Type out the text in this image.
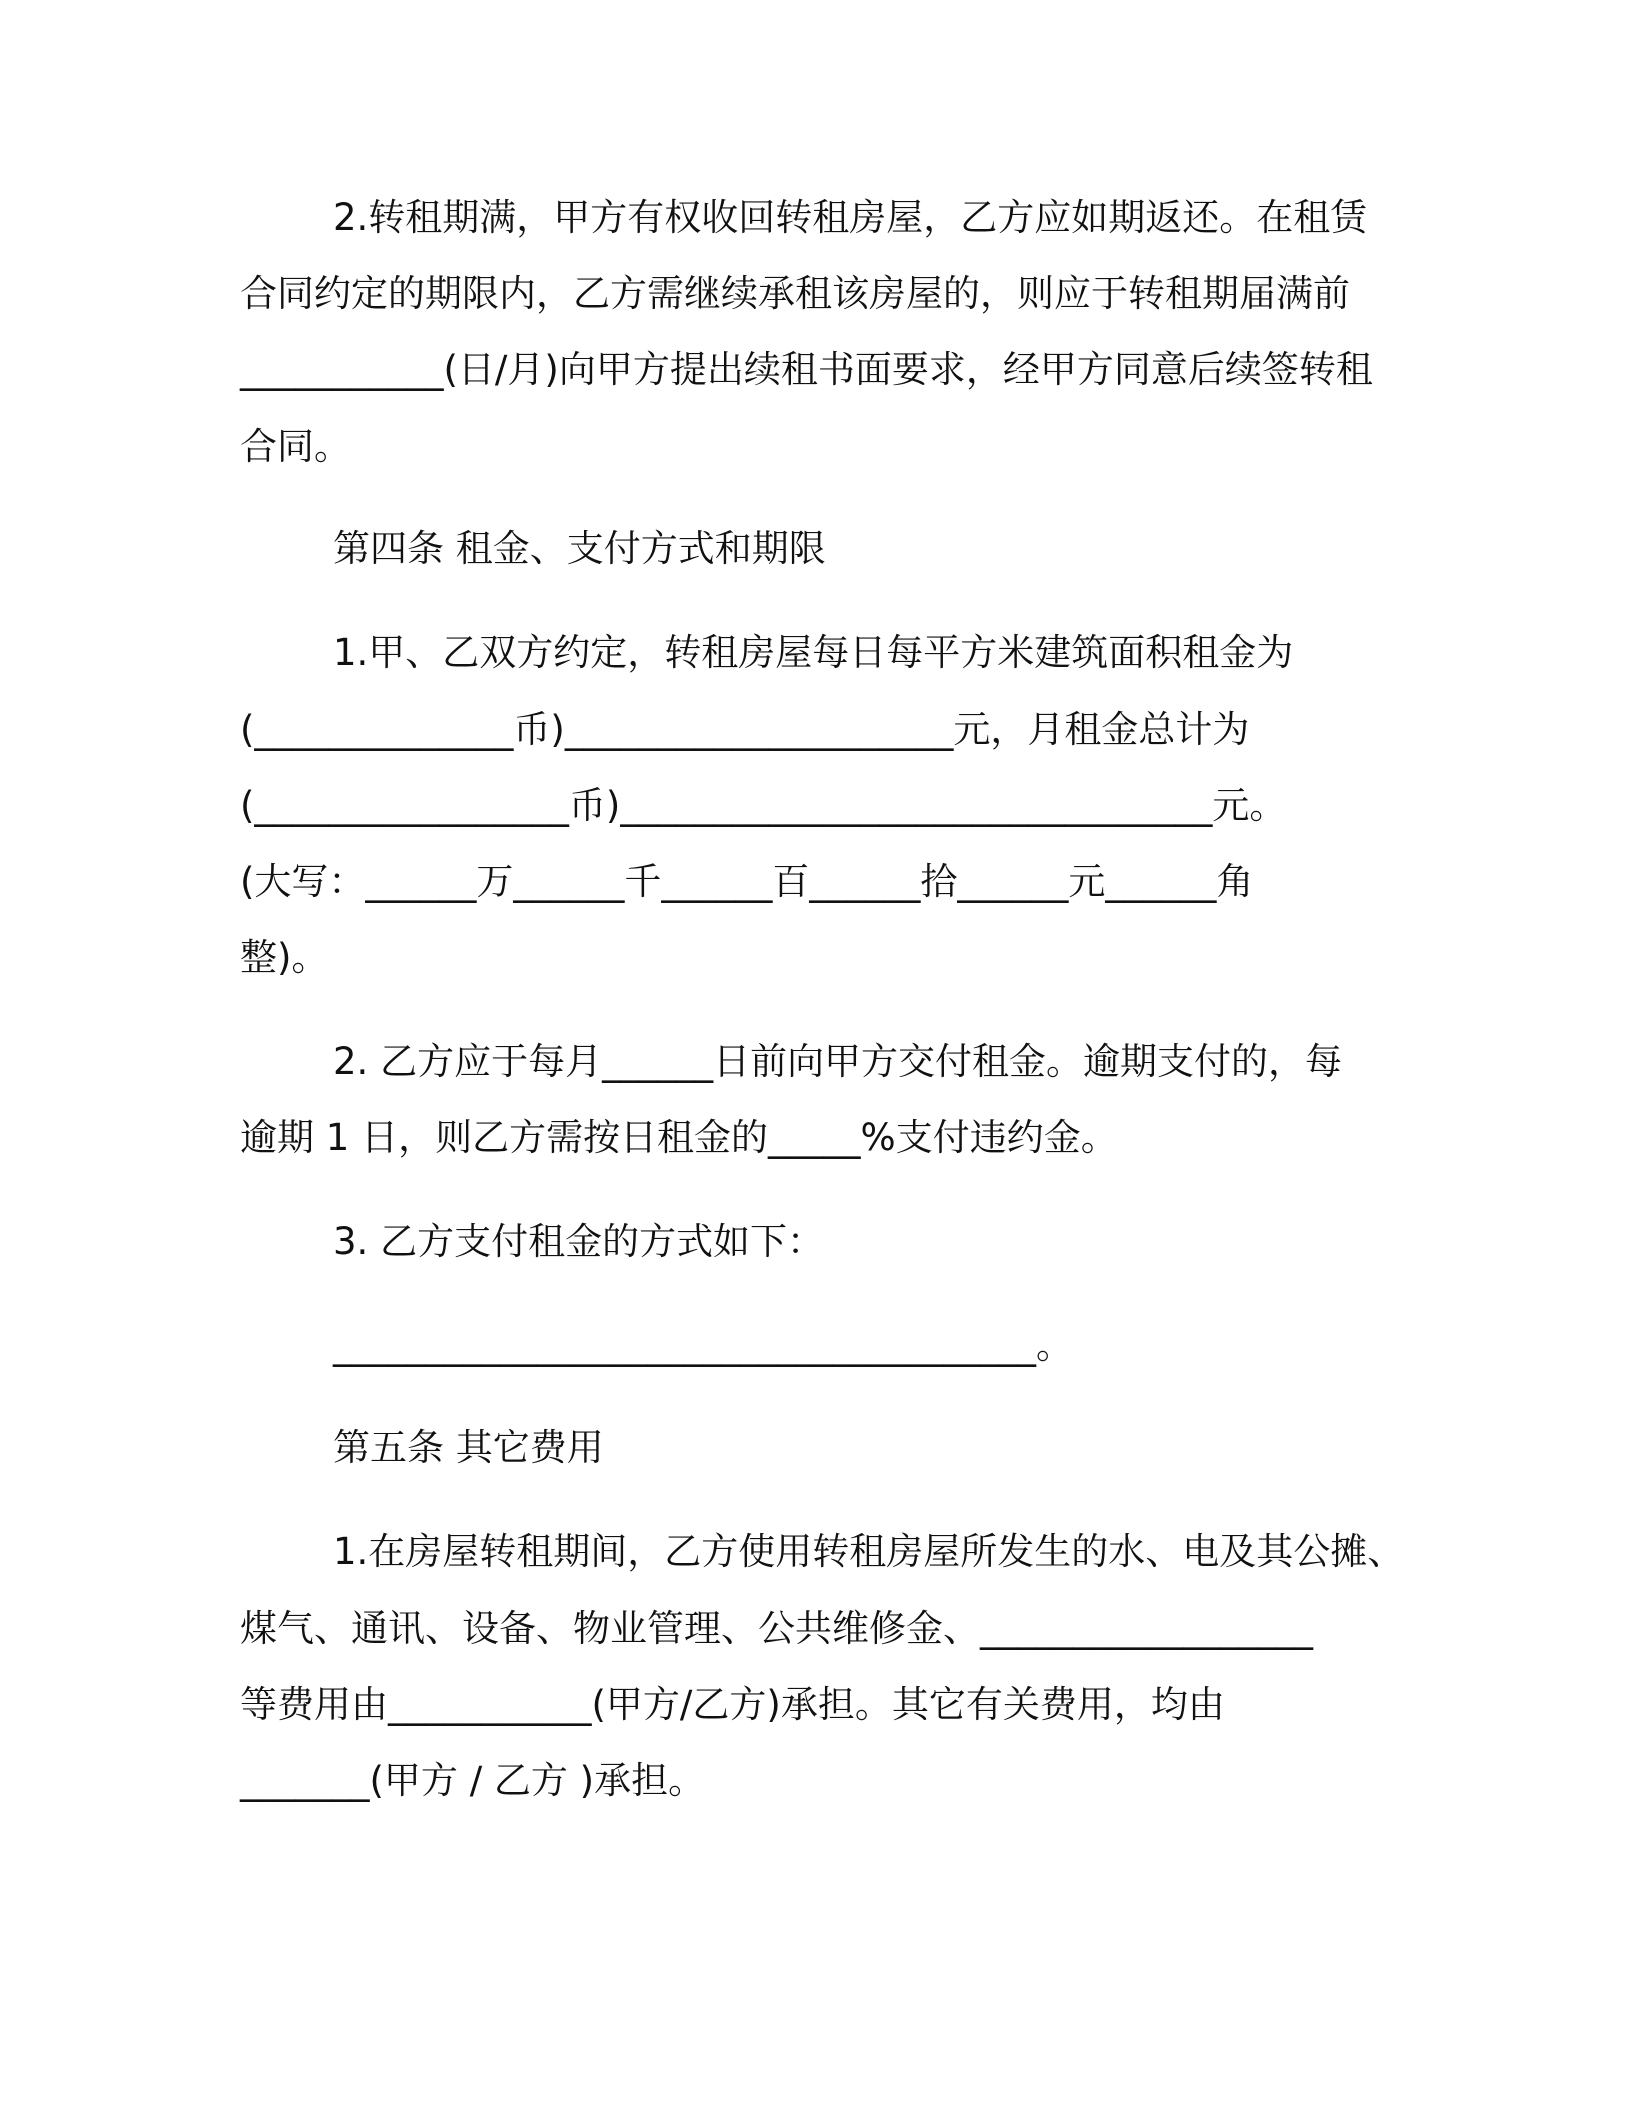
2.转租期满，甲方有权收回转租房屋，乙方应如期返还。在租赁
合同约定的期限内，乙方需继续承租该房屋的，则应于转租期届满前
___________(日/月)向甲方提出续租书面要求，经甲方同意后续签转租
合同。
第四条 租金、支付方式和期限
1.甲、乙双方约定，转租房屋每日每平方米建筑面积租金为
(______________币)_____________________元，月租金总计为
(_________________币)________________________________元。
(大写：______万______千______百______拾______元______角
整)。
2. 乙方应于每月______日前向甲方交付租金。逾期支付的，每
逾期 1 日，则乙方需按日租金的_____%支付违约金。
3. 乙方支付租金的方式如下：
______________________________________。
第五条 其它费用
1.在房屋转租期间，乙方使用转租房屋所发生的水、电及其公摊、
煤气、通讯、设备、物业管理、公共维修金、__________________
等费用由___________(甲方/乙方)承担。其它有关费用，均由
_______(甲方 / 乙方 )承担。
